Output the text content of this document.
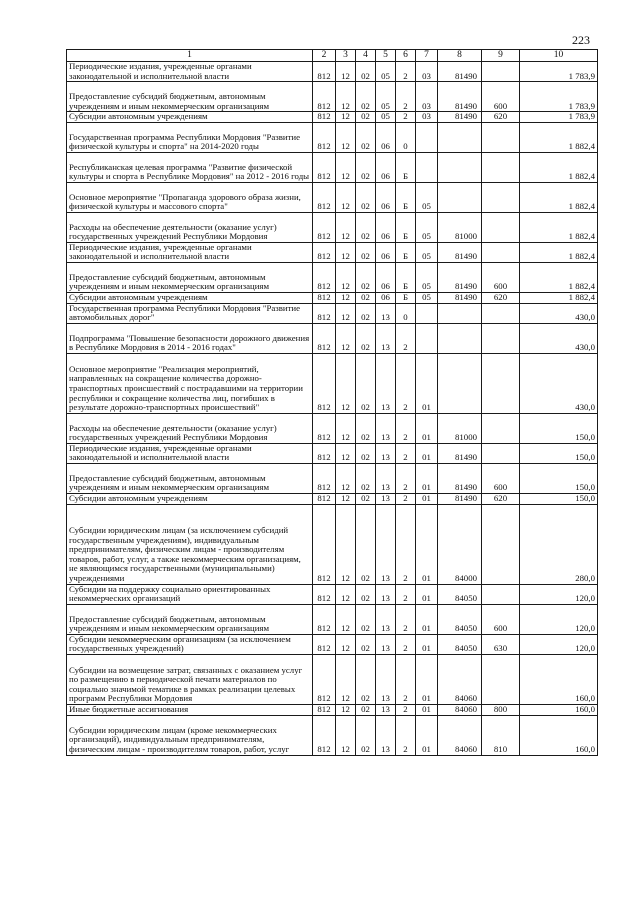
223
1	2	3	4	5	6	7	8	9	10
Периодические издания, учрежденные органами законодательной и исполнительной власти	812	12	02	05	2	03	81490		1 783,9
Предоставление субсидий бюджетным, автономным учреждениям и иным некоммерческим организациям	812	12	02	05	2	03	81490	600	1 783,9
Субсидии автономным учреждениям	812	12	02	05	2	03	81490	620	1 783,9
Государственная программа Республики Мордовия "Развитие физической культуры и спорта" на 2014-2020 годы	812	12	02	06	0				1 882,4
Республиканская целевая программа "Развитие физической культуры и спорта в Республике Мордовия" на 2012 - 2016 годы	812	12	02	06	Б				1 882,4
Основное мероприятие "Пропаганда здорового образа жизни, физической культуры и массового спорта"	812	12	02	06	Б	05			1 882,4
Расходы на обеспечение деятельности (оказание услуг) государственных учреждений Республики Мордовия	812	12	02	06	Б	05	81000		1 882,4
Периодические издания, учрежденные органами законодательной и исполнительной власти	812	12	02	06	Б	05	81490		1 882,4
Предоставление субсидий бюджетным, автономным учреждениям и иным некоммерческим организациям	812	12	02	06	Б	05	81490	600	1 882,4
Субсидии автономным учреждениям	812	12	02	06	Б	05	81490	620	1 882,4
Государственная программа Республики Мордовия "Развитие автомобильных дорог"	812	12	02	13	0				430,0
Подпрограмма "Повышение безопасности дорожного движения в Республике Мордовия в 2014 - 2016 годах"	812	12	02	13	2				430,0
Основное мероприятие "Реализация мероприятий, направленных на сокращение количества дорожно-транспортных происшествий с пострадавшими на территории республики и сокращение количества лиц, погибших в результате дорожно-транспортных происшествий"	812	12	02	13	2	01			430,0
Расходы на обеспечение деятельности (оказание услуг) государственных учреждений Республики Мордовия	812	12	02	13	2	01	81000		150,0
Периодические издания, учрежденные органами законодательной и исполнительной власти	812	12	02	13	2	01	81490		150,0
Предоставление субсидий бюджетным, автономным учреждениям и иным некоммерческим организациям	812	12	02	13	2	01	81490	600	150,0
Субсидии автономным учреждениям	812	12	02	13	2	01	81490	620	150,0
Субсидии юридическим лицам (за исключением субсидий государственным учреждениям), индивидуальным предпринимателям, физическим лицам - производителям товаров, работ, услуг, а также некоммерческим организациям, не являющимся государственными (муниципальными) учреждениями	812	12	02	13	2	01	84000		280,0
Субсидии на поддержку социально ориентированных некоммерческих организаций	812	12	02	13	2	01	84050		120,0
Предоставление субсидий бюджетным, автономным учреждениям и иным некоммерческим организациям	812	12	02	13	2	01	84050	600	120,0
Субсидии некоммерческим организациям (за исключением государственных учреждений)	812	12	02	13	2	01	84050	630	120,0
Субсидии на возмещение затрат, связанных с оказанием услуг по размещению в периодической печати материалов по социально значимой тематике в рамках реализации целевых программ Республики Мордовия	812	12	02	13	2	01	84060		160,0
Иные бюджетные ассигнования	812	12	02	13	2	01	84060	800	160,0
Субсидии юридическим лицам (кроме некоммерческих организаций), индивидуальным предпринимателям, физическим лицам - производителям товаров, работ, услуг	812	12	02	13	2	01	84060	810	160,0
